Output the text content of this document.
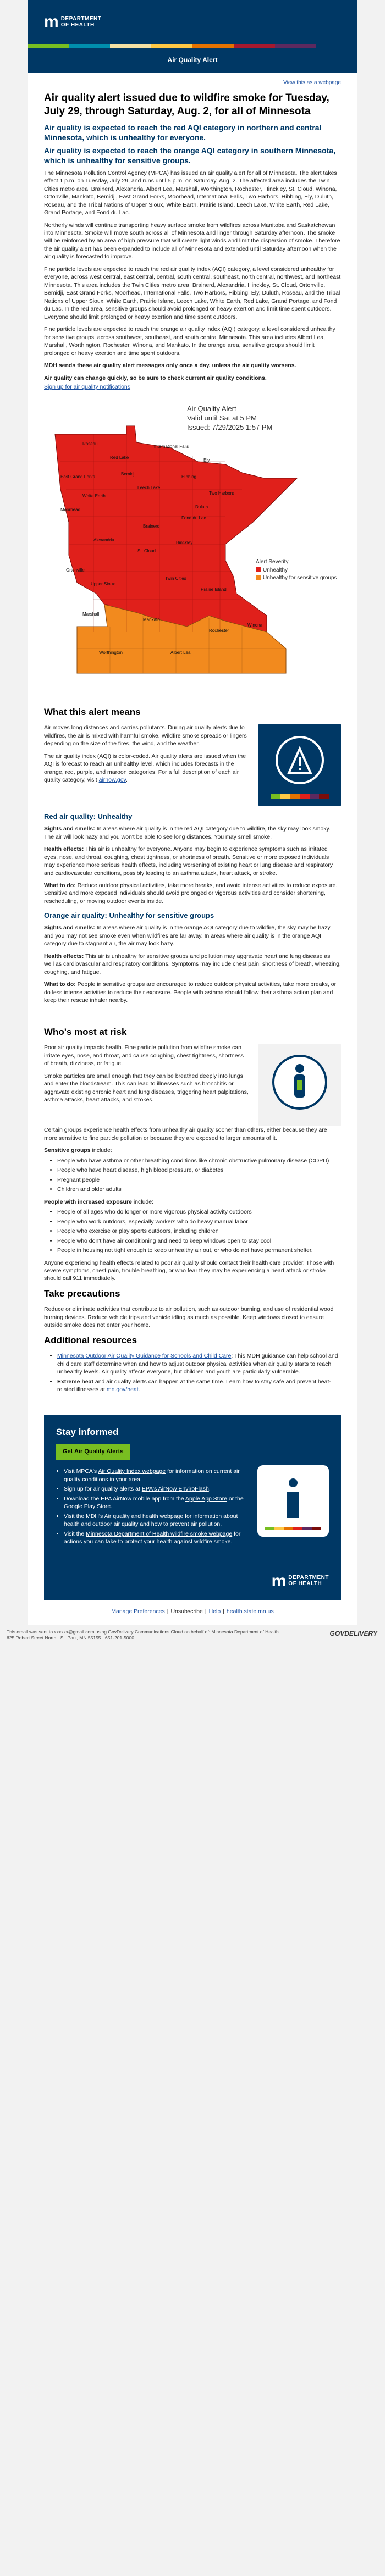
m DEPARTMENT
OF HEALTH
Air Quality Alert
View this as a webpage
Air quality alert issued due to wildfire smoke for Tuesday, July 29, through Saturday, Aug. 2, for all of Minnesota
Air quality is expected to reach the red AQI category in northern and central Minnesota, which is unhealthy for everyone.
Air quality is expected to reach the orange AQI category in southern Minnesota, which is unhealthy for sensitive groups.

The Minnesota Pollution Control Agency (MPCA) has issued an air quality alert for all of Minnesota. The alert takes effect 1 p.m. on Tuesday, July 29, and runs until 5 p.m. on Saturday, Aug. 2. The affected area includes the Twin Cities metro area, Brainerd, Alexandria, Albert Lea, Marshall, Worthington, Rochester, Hinckley, St. Cloud, Winona, Ortonville, Mankato, Bemidji, East Grand Forks, Moorhead, International Falls, Two Harbors, Hibbing, Ely, Duluth, Roseau, and the Tribal Nations of Upper Sioux, White Earth, Prairie Island, Leech Lake, White Earth, Red Lake, Grand Portage, and Fond du Lac.

Northerly winds will continue transporting heavy surface smoke from wildfires across Manitoba and Saskatchewan into Minnesota. Smoke will move south across all of Minnesota and linger through Saturday afternoon. The smoke will be reinforced by an area of high pressure that will create light winds and limit the dispersion of smoke. Therefore the air quality alert has been expanded to include all of Minnesota and extended until Saturday afternoon when the air quality is forecasted to improve.

Fine particle levels are expected to reach the red air quality index (AQI) category, a level considered unhealthy for everyone, across west central, east central, central, south central, southeast, north central, northwest, and northeast Minnesota. This area includes the Twin Cities metro area, Brainerd, Alexandria, Hinckley, St. Cloud, Ortonville, Bemidji, East Grand Forks, Moorhead, International Falls, Two Harbors, Hibbing, Ely, Duluth, Roseau, and the Tribal Nations of Upper Sioux, White Earth, Prairie Island, Leech Lake, White Earth, Red Lake, Grand Portage, and Fond du Lac. In the red area, sensitive groups should avoid prolonged or heavy exertion and limit time spent outdoors. Everyone should limit prolonged or heavy exertion and time spent outdoors.

Fine particle levels are expected to reach the orange air quality index (AQI) category, a level considered unhealthy for sensitive groups, across southwest, southeast, and south central Minnesota. This area includes Albert Lea, Marshall, Worthington, Rochester, Winona, and Mankato. In the orange area, sensitive groups should limit prolonged or heavy exertion and time spent outdoors.

MDH sends these air quality alert messages only once a day, unless the air quality worsens.

Air quality can change quickly, so be sure to check current air quality conditions.

Sign up for air quality notifications

Roseau
International Falls
Ely
Red Lake
Hibbing
Two Harbors
East Grand Forks
Bemidji
Leech Lake
Duluth
White Earth
Fond du Lac
Moorhead
Brainerd
Alexandria
Hinckley
St. Cloud
Ortonville
Upper Sioux
Twin Cities
Prairie Island
Marshall
Mankato
Rochester
Winona
Worthington	Albert Lea
Air Quality Alert
Valid until Sat at 5 PM
Issued: 7/29/2025 1:57 PM
Alert Severity
Unhealthy
Unhealthy for sensitive groups
What this alert means

Air moves long distances and carries pollutants. During air quality alerts due to wildfires, the air is mixed with harmful smoke. Wildfire smoke spreads or lingers depending on the size of the fires, the wind, and the weather.

The air quality index (AQI) is color-coded. Air quality alerts are issued when the AQI is forecast to reach an unhealthy level, which includes forecasts in the orange, red, purple, and maroon categories. For a full description of each air quality category, visit airnow.gov.

Red air quality: Unhealthy

Sights and smells: In areas where air quality is in the red AQI category due to wildfire, the sky may look smoky. The air will look hazy and you won't be able to see long distances. You may smell smoke.

Health effects: This air is unhealthy for everyone. Anyone may begin to experience symptoms such as irritated eyes, nose, and throat, coughing, chest tightness, or shortness of breath. Sensitive or more exposed individuals may experience more serious health effects, including worsening of existing heart or lung disease and respiratory and cardiovascular conditions, possibly leading to an asthma attack, heart attack, or stroke.

What to do: Reduce outdoor physical activities, take more breaks, and avoid intense activities to reduce exposure. Sensitive and more exposed individuals should avoid prolonged or vigorous activities and consider shortening, rescheduling, or moving outdoor events inside.

Orange air quality: Unhealthy for sensitive groups

Sights and smells: In areas where air quality is in the orange AQI category due to wildfire, the sky may be hazy and you may not see smoke even when wildfires are far away. In areas where air quality is in the orange AQI category due to stagnant air, the air may look hazy.

Health effects: This air is unhealthy for sensitive groups and pollution may aggravate heart and lung disease as well as cardiovascular and respiratory conditions. Symptoms may include chest pain, shortness of breath, wheezing, coughing, and fatigue.

What to do: People in sensitive groups are encouraged to reduce outdoor physical activities, take more breaks, or do less intense activities to reduce their exposure. People with asthma should follow their asthma action plan and keep their rescue inhaler nearby.

Who's most at risk

Poor air quality impacts health. Fine particle pollution from wildfire smoke can irritate eyes, nose, and throat, and cause coughing, chest tightness, shortness of breath, dizziness, or fatigue.

Smoke particles are small enough that they can be breathed deeply into lungs and enter the bloodstream. This can lead to illnesses such as bronchitis or aggravate existing chronic heart and lung diseases, triggering heart palpitations, asthma attacks, heart attacks, and strokes.

Certain groups experience health effects from unhealthy air quality sooner than others, either because they are more sensitive to fine particle pollution or because they are exposed to larger amounts of it.

Sensitive groups include:

• People who have asthma or other breathing conditions like chronic obstructive pulmonary disease (COPD)
• People who have heart disease, high blood pressure, or diabetes
• Pregnant people
• Children and older adults

People with increased exposure include:

• People of all ages who do longer or more vigorous physical activity outdoors
• People who work outdoors, especially workers who do heavy manual labor
• People who exercise or play sports outdoors, including children
• People who don't have air conditioning and need to keep windows open to stay cool
• People in housing not tight enough to keep unhealthy air out, or who do not have permanent shelter.

Anyone experiencing health effects related to poor air quality should contact their health care provider. Those with severe symptoms, chest pain, trouble breathing, or who fear they may be experiencing a heart attack or stroke should call 911 immediately.

Take precautions

Reduce or eliminate activities that contribute to air pollution, such as outdoor burning, and use of residential wood burning devices. Reduce vehicle trips and vehicle idling as much as possible. Keep windows closed to ensure outside smoke does not enter your home.

Additional resources
• Minnesota Outdoor Air Quality Guidance for Schools and Child Care: This MDH guidance can help school and child care staff determine when and how to adjust outdoor physical activities when air quality starts to reach unhealthy levels. Air quality affects everyone, but children and youth are particularly vulnerable.
• Extreme heat and air quality alerts can happen at the same time. Learn how to stay safe and prevent heat-related illnesses at mn.gov/heat.
Stay informed
Get Air Quality Alerts
• Visit MPCA's Air Quality Index webpage for information on current air quality conditions in your area.
• Sign up for air quality alerts at EPA's AirNow EnviroFlash.
• Download the EPA AirNow mobile app from the Apple App Store or the Google Play Store.
• Visit the MDH's Air quality and health webpage for information about health and outdoor air quality and how to prevent air pollution.
• Visit the Minnesota Department of Health wildfire smoke webpage for actions you can take to protect your health against wildfire smoke.
m DEPARTMENT
OF HEALTH
Manage Preferences | Unsubscribe | Help | health.state.mn.us
This email was sent to xxxxxx@gmail.com using GovDelivery Communications Cloud on behalf of: Minnesota Department of Health
625 Robert Street North · St. Paul, MN 55155 · 651-201-5000
GOVDELIVERY
